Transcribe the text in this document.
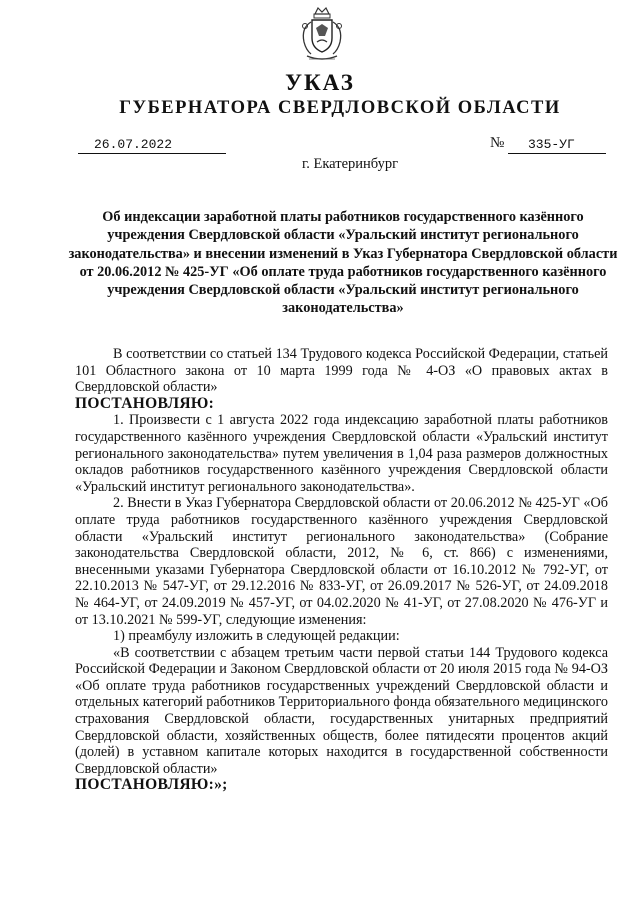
УКАЗ
ГУБЕРНАТОРА СВЕРДЛОВСКОЙ ОБЛАСТИ
26.07.2022	№	335-УГ
г. Екатеринбург
Об индексации заработной платы работников государственного казённого учреждения Свердловской области «Уральский институт регионального законодательства» и внесении изменений в Указ Губернатора Свердловской области от 20.06.2012 № 425-УГ «Об оплате труда работников государственного казённого учреждения Свердловской области «Уральский институт регионального законодательства»

В соответствии со статьей 134 Трудового кодекса Российской Федерации, статьей 101 Областного закона от 10 марта 1999 года № 4-ОЗ «О правовых актах в Свердловской области»

ПОСТАНОВЛЯЮ:

1. Произвести с 1 августа 2022 года индексацию заработной платы работников государственного казённого учреждения Свердловской области «Уральский институт регионального законодательства» путем увеличения в 1,04 раза размеров должностных окладов работников государственного казённого учреждения Свердловской области «Уральский институт регионального законодательства».

2. Внести в Указ Губернатора Свердловской области от 20.06.2012 № 425-УГ «Об оплате труда работников государственного казённого учреждения Свердловской области «Уральский институт регионального законодательства» (Собрание законодательства Свердловской области, 2012, № 6, ст. 866) с изменениями, внесенными указами Губернатора Свердловской области от 16.10.2012 № 792-УГ, от 22.10.2013 № 547-УГ, от 29.12.2016 № 833-УГ, от 26.09.2017 № 526-УГ, от 24.09.2018 № 464-УГ, от 24.09.2019 № 457-УГ, от 04.02.2020 № 41-УГ, от 27.08.2020 № 476-УГ и от 13.10.2021 № 599-УГ, следующие изменения:

1) преамбулу изложить в следующей редакции:

«В соответствии с абзацем третьим части первой статьи 144 Трудового кодекса Российской Федерации и Законом Свердловской области от 20 июля 2015 года № 94-ОЗ «Об оплате труда работников государственных учреждений Свердловской области и отдельных категорий работников Территориального фонда обязательного медицинского страхования Свердловской области, государственных унитарных предприятий Свердловской области, хозяйственных обществ, более пятидесяти процентов акций (долей) в уставном капитале которых находится в государственной собственности Свердловской области»

ПОСТАНОВЛЯЮ:»;
